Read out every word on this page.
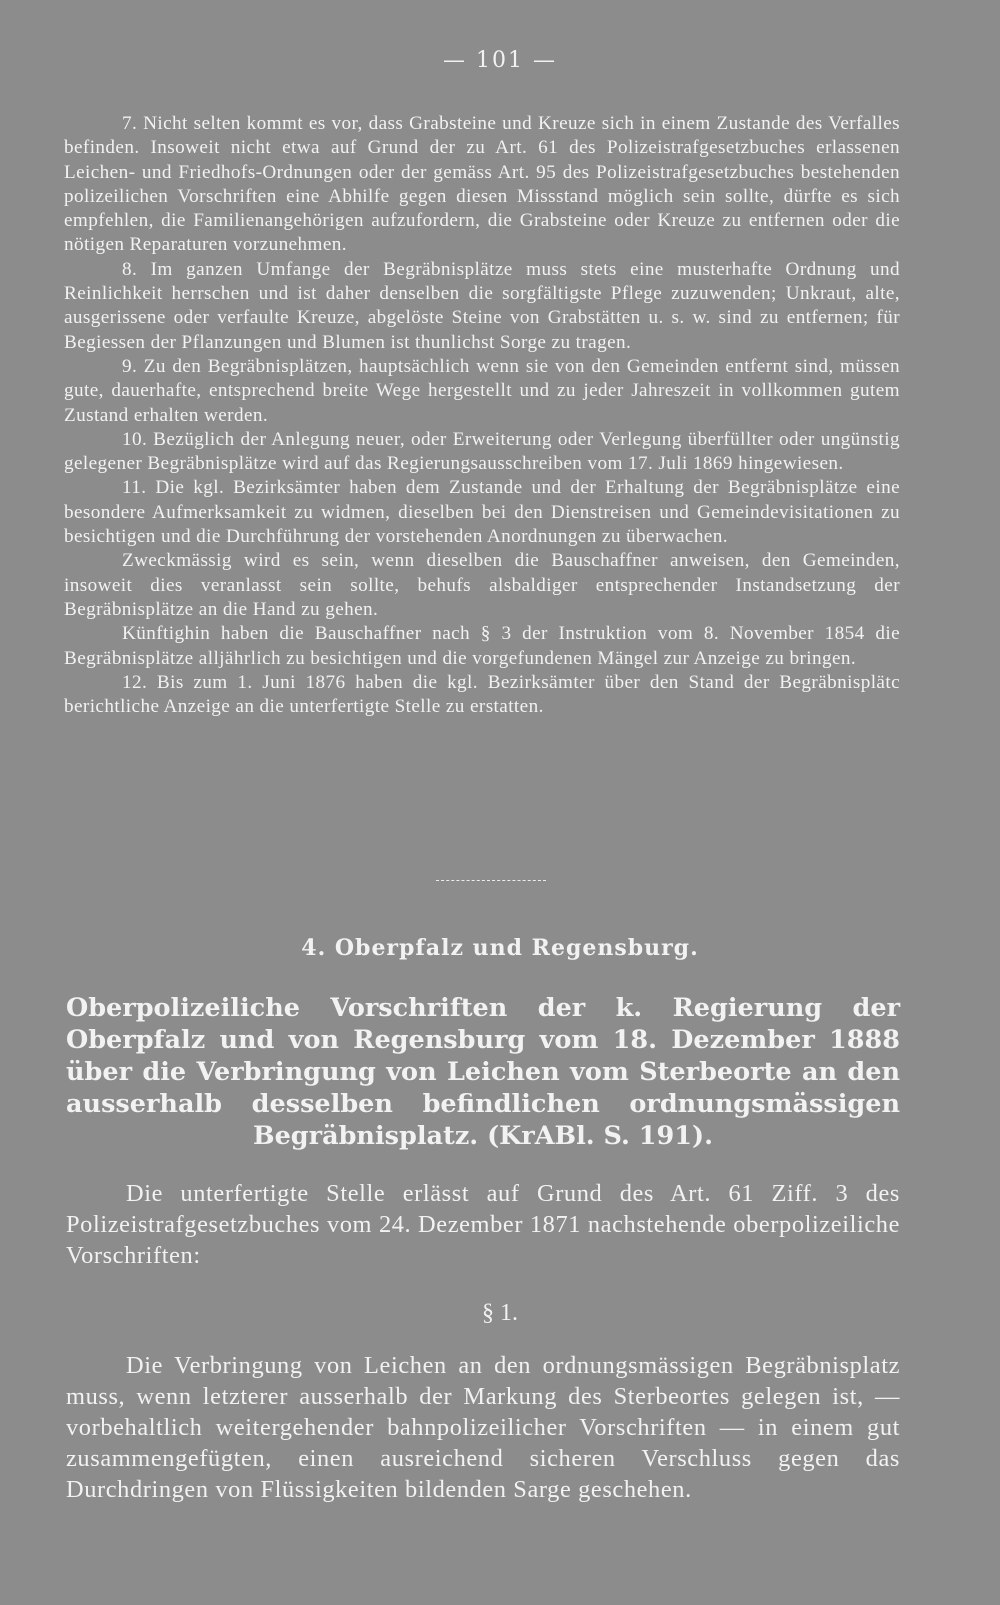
— 101 —

7. Nicht selten kommt es vor, dass Grabsteine und Kreuze sich in einem Zustande des Verfalles befinden. Insoweit nicht etwa auf Grund der zu Art. 61 des Polizeistrafgesetzbuches erlassenen Leichen- und Friedhofs-Ordnungen oder der gemäss Art. 95 des Polizeistrafgesetzbuches bestehenden polizeilichen Vorschriften eine Abhilfe gegen diesen Missstand möglich sein sollte, dürfte es sich empfehlen, die Familienangehörigen aufzufordern, die Grabsteine oder Kreuze zu entfernen oder die nötigen Reparaturen vorzunehmen.

8. Im ganzen Umfange der Begräbnisplätze muss stets eine musterhafte Ordnung und Reinlichkeit herrschen und ist daher denselben die sorgfältigste Pflege zuzuwenden; Unkraut, alte, ausgerissene oder verfaulte Kreuze, abgelöste Steine von Grabstätten u. s. w. sind zu entfernen; für Begiessen der Pflanzungen und Blumen ist thunlichst Sorge zu tragen.

9. Zu den Begräbnisplätzen, hauptsächlich wenn sie von den Gemeinden entfernt sind, müssen gute, dauerhafte, entsprechend breite Wege hergestellt und zu jeder Jahreszeit in vollkommen gutem Zustand erhalten werden.

10. Bezüglich der Anlegung neuer, oder Erweiterung oder Verlegung überfüllter oder ungünstig gelegener Begräbnisplätze wird auf das Regierungsausschreiben vom 17. Juli 1869 hingewiesen.

11. Die kgl. Bezirksämter haben dem Zustande und der Erhaltung der Begräbnisplätze eine besondere Aufmerksamkeit zu widmen, dieselben bei den Dienstreisen und Gemeindevisitationen zu besichtigen und die Durchführung der vorstehenden Anordnungen zu überwachen.

Zweckmässig wird es sein, wenn dieselben die Bauschaffner anweisen, den Gemeinden, insoweit dies veranlasst sein sollte, behufs alsbaldiger entsprechender Instandsetzung der Begräbnisplätze an die Hand zu gehen.

Künftighin haben die Bauschaffner nach § 3 der Instruktion vom 8. November 1854 die Begräbnisplätze alljährlich zu besichtigen und die vorgefundenen Mängel zur Anzeige zu bringen.

12. Bis zum 1. Juni 1876 haben die kgl. Bezirksämter über den Stand der Begräbnisplätc berichtliche Anzeige an die unterfertigte Stelle zu erstatten.

4. Oberpfalz und Regensburg.
Oberpolizeiliche Vorschriften der k. Regierung der Oberpfalz und von Regensburg vom 18. Dezember 1888 über die Verbringung von Leichen vom Sterbeorte an den ausserhalb desselben befindlichen ordnungsmässigen Begräbnisplatz. (KrABl. S. 191).

Die unterfertigte Stelle erlässt auf Grund des Art. 61 Ziff. 3 des Polizeistrafgesetzbuches vom 24. Dezember 1871 nachstehende oberpolizeiliche Vorschriften:

§ 1.

Die Verbringung von Leichen an den ordnungsmässigen Begräbnisplatz muss, wenn letzterer ausserhalb der Markung des Sterbeortes gelegen ist, — vorbehaltlich weitergehender bahnpolizeilicher Vorschriften — in einem gut zusammengefügten, einen ausreichend sicheren Verschluss gegen das Durchdringen von Flüssigkeiten bildenden Sarge geschehen.
